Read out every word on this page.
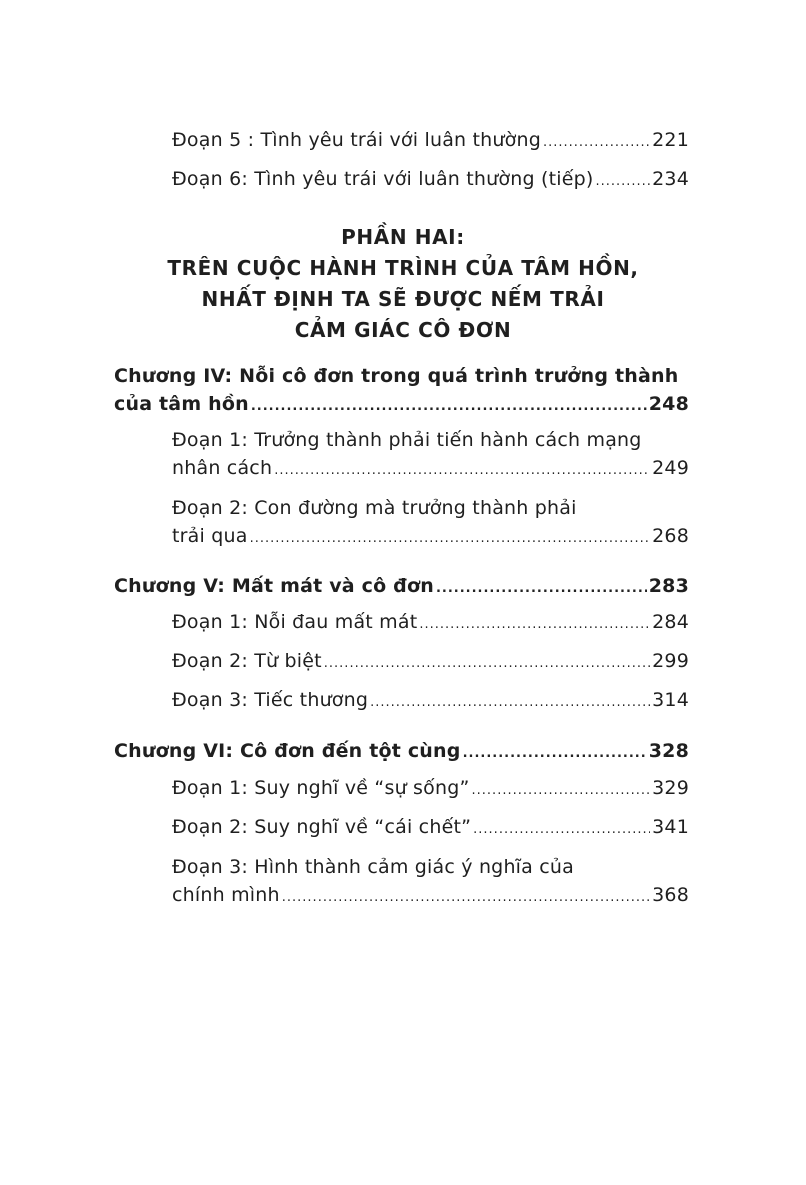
Đoạn 5 : Tình yêu trái với luân thường .....	221
Đoạn 6: Tình yêu trái với luân thường (tiếp) .....	234
PHẦN HAI:
TRÊN CUỘC HÀNH TRÌNH CỦA TÂM HỒN,
NHẤT ĐỊNH TA SẼ ĐƯỢC NẾM TRẢI
CẢM GIÁC CÔ ĐƠN
Chương IV: Nỗi cô đơn trong quá trình trưởng thành
của tâm hồn .....	248
Đoạn 1: Trưởng thành phải tiến hành cách mạng
nhân cách .....	249
Đoạn 2: Con đường mà trưởng thành phải
trải qua .....	268
Chương V: Mất mát và cô đơn .....	283
Đoạn 1: Nỗi đau mất mát .....	284
Đoạn 2: Từ biệt .....	299
Đoạn 3: Tiếc thương .....	314
Chương VI: Cô đơn đến tột cùng .....	328
Đoạn 1: Suy nghĩ về “sự sống” .....	329
Đoạn 2: Suy nghĩ về “cái chết” .....	341
Đoạn 3: Hình thành cảm giác ý nghĩa của
chính mình .....	368
